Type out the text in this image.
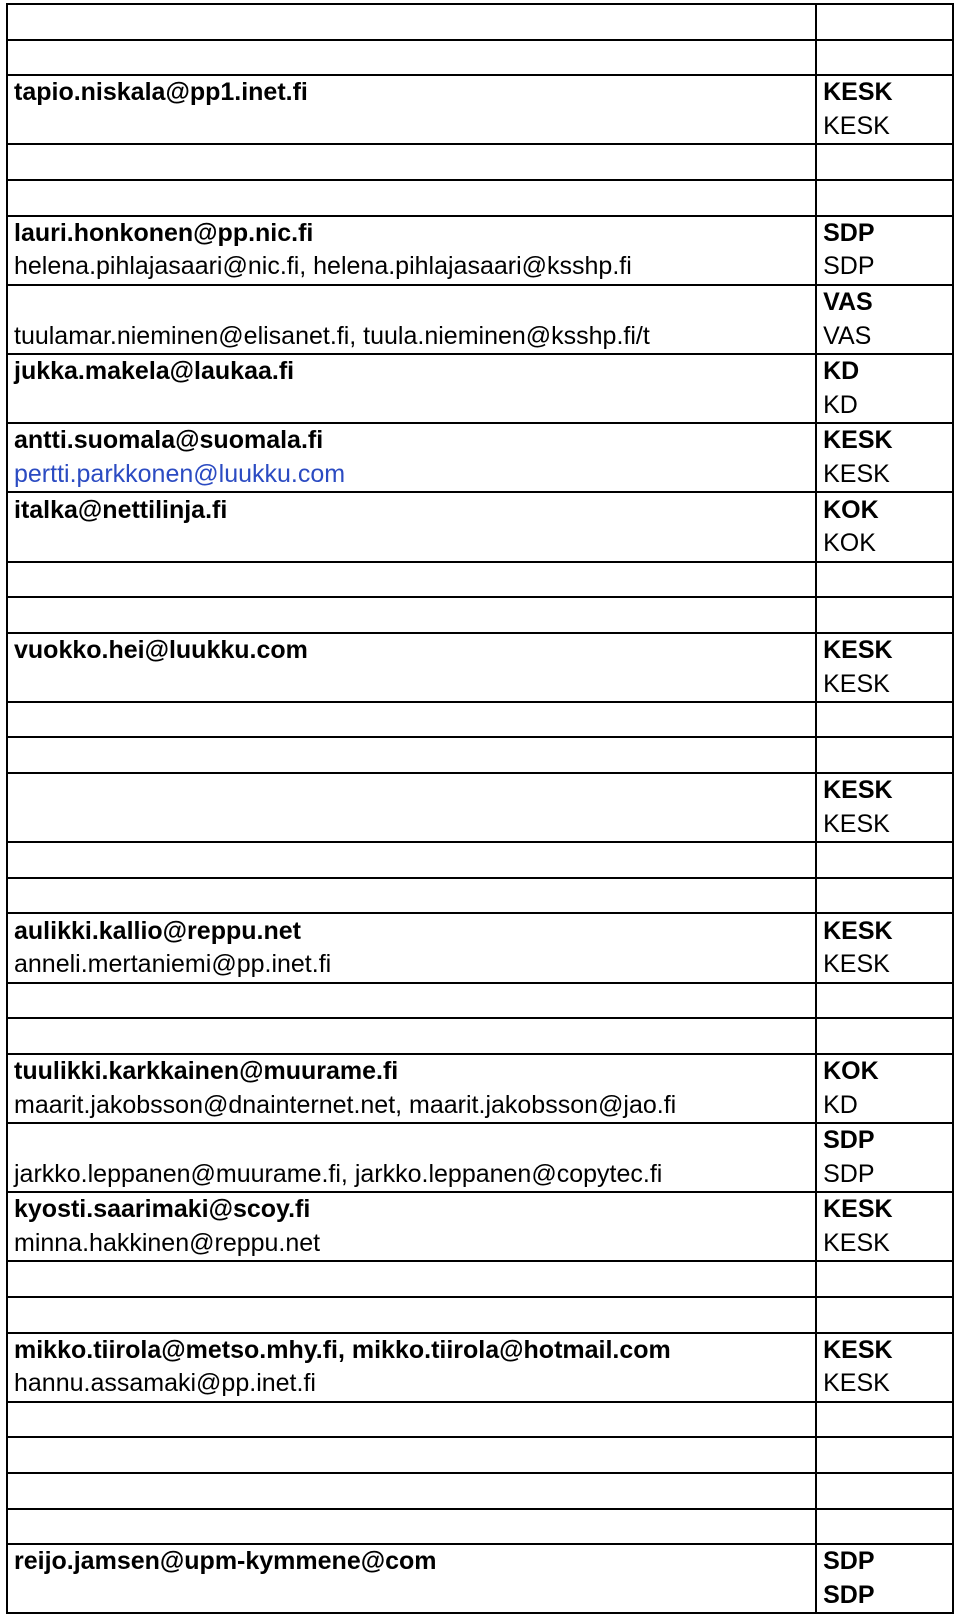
tapio.niskala@pp1.inet.fi	KESK
	KESK

lauri.honkonen@pp.nic.fi	SDP
helena.pihlajasaari@nic.fi, helena.pihlajasaari@ksshp.fi	SDP
	VAS
tuulamar.nieminen@elisanet.fi, tuula.nieminen@ksshp.fi/t	VAS
jukka.makela@laukaa.fi	KD
	KD
antti.suomala@suomala.fi	KESK
pertti.parkkonen@luukku.com	KESK
italka@nettilinja.fi	KOK
	KOK

vuokko.hei@luukku.com	KESK
	KESK

	KESK
	KESK

aulikki.kallio@reppu.net	KESK
anneli.mertaniemi@pp.inet.fi	KESK

tuulikki.karkkainen@muurame.fi	KOK
maarit.jakobsson@dnainternet.net, maarit.jakobsson@jao.fi	KD
	SDP
jarkko.leppanen@muurame.fi, jarkko.leppanen@copytec.fi	SDP
kyosti.saarimaki@scoy.fi	KESK
minna.hakkinen@reppu.net	KESK

mikko.tiirola@metso.mhy.fi, mikko.tiirola@hotmail.com	KESK
hannu.assamaki@pp.inet.fi	KESK

reijo.jamsen@upm-kymmene@com	SDP
	SDP
